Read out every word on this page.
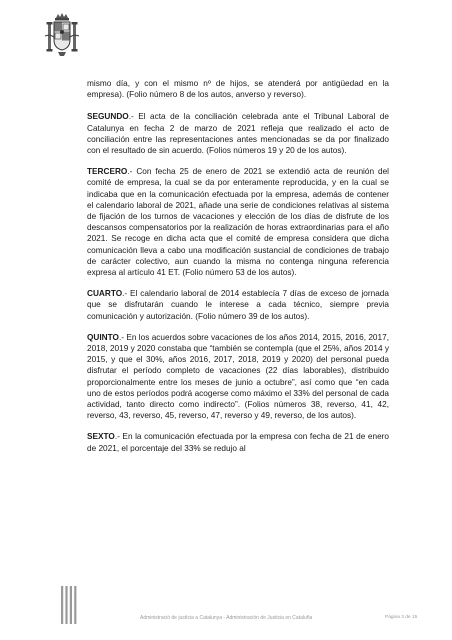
mismo día, y con el mismo nº de hijos, se atenderá por antigüedad en la empresa). (Folio número 8 de los autos, anverso y reverso).

SEGUNDO.- El acta de la conciliación celebrada ante el Tribunal Laboral de Catalunya en fecha 2 de marzo de 2021 refleja que realizado el acto de conciliación entre las representaciones antes mencionadas se da por finalizado con el resultado de sin acuerdo. (Folios números 19 y 20 de los autos).

TERCERO.- Con fecha 25 de enero de 2021 se extendió acta de reunión del comité de empresa, la cual se da por enteramente reproducida, y en la cual se indicaba que en la comunicación efectuada por la empresa, además de contener el calendario laboral de 2021, añade una serie de condiciones relativas al sistema de fijación de los turnos de vacaciones y elección de los días de disfrute de los descansos compensatorios por la realización de horas extraordinarias para el año 2021. Se recoge en dicha acta que el comité de empresa considera que dicha comunicación lleva a cabo una modificación sustancial de condiciones de trabajo de carácter colectivo, aun cuando la misma no contenga ninguna referencia expresa al artículo 41 ET. (Folio número 53 de los autos).

CUARTO.- El calendario laboral de 2014 establecía 7 días de exceso de jornada que se disfrutarán cuando le interese a cada técnico, siempre previa comunicación y autorización. (Folio número 39 de los autos).

QUINTO.- En los acuerdos sobre vacaciones de los años 2014, 2015, 2016, 2017, 2018, 2019 y 2020 constaba que “también se contempla (que el 25%, años 2014 y 2015, y que el 30%, años 2016, 2017, 2018, 2019 y 2020) del personal pueda disfrutar el período completo de vacaciones (22 días laborables), distribuido proporcionalmente entre los meses de junio a octubre”, así como que “en cada uno de estos períodos podrá acogerse como máximo el 33% del personal de cada actividad, tanto directo como indirecto”. (Folios números 38, reverso, 41, 42, reverso, 43, reverso, 45, reverso, 47, reverso y 49, reverso, de los autos).

SEXTO.- En la comunicación efectuada por la empresa con fecha de 21 de enero de 2021, el porcentaje del 33% se redujo al

Administració de justícia a Catalunya - Administración de Justicia en Cataluña	Página 3 de 15
